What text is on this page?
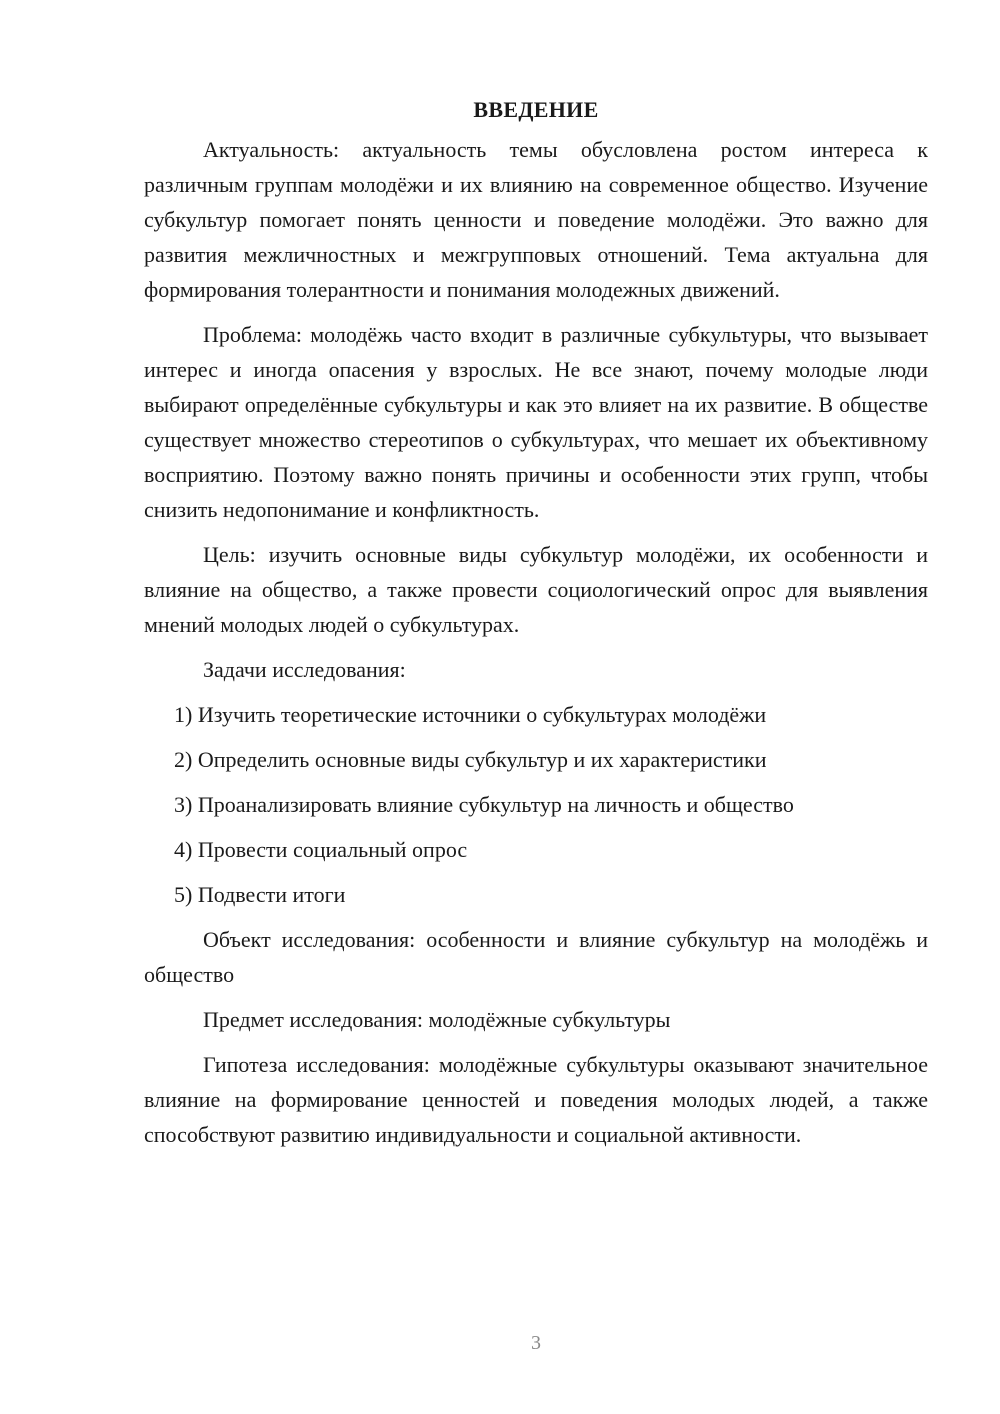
ВВЕДЕНИЕ

Актуальность: актуальность темы обусловлена ростом интереса к различным группам молодёжи и их влиянию на современное общество. Изучение субкультур помогает понять ценности и поведение молодёжи. Это важно для развития межличностных и межгрупповых отношений. Тема актуальна для формирования толерантности и понимания молодежных движений.

Проблема: молодёжь часто входит в различные субкультуры, что вызывает интерес и иногда опасения у взрослых. Не все знают, почему молодые люди выбирают определённые субкультуры и как это влияет на их развитие. В обществе существует множество стереотипов о субкультурах, что мешает их объективному восприятию. Поэтому важно понять причины и особенности этих групп, чтобы снизить недопонимание и конфликтность.

Цель: изучить основные виды субкультур молодёжи, их особенности и влияние на общество, а также провести социологический опрос для выявления мнений молодых людей о субкультурах.

Задачи исследования:

1) Изучить теоретические источники о субкультурах молодёжи
2) Определить основные виды субкультур и их характеристики
3) Проанализировать влияние субкультур на личность и общество
4) Провести социальный опрос
5) Подвести итоги

Объект исследования: особенности и влияние субкультур на молодёжь и общество

Предмет исследования: молодёжные субкультуры

Гипотеза исследования: молодёжные субкультуры оказывают значительное влияние на формирование ценностей и поведения молодых людей, а также способствуют развитию индивидуальности и социальной активности.

3
